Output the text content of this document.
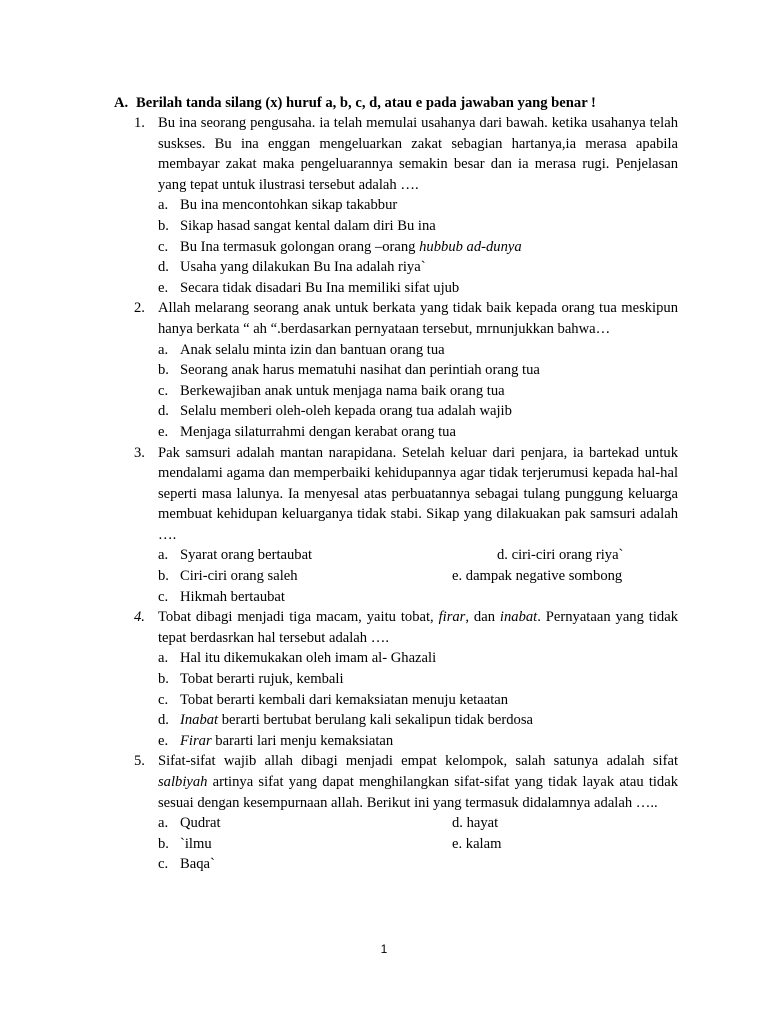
A. Berilah tanda silang (x) huruf a, b, c, d, atau e pada jawaban yang benar !
1. Bu ina seorang pengusaha. ia telah memulai usahanya dari bawah. ketika usahanya telah suskses. Bu ina enggan mengeluarkan zakat sebagian hartanya,ia merasa apabila membayar zakat maka pengeluarannya semakin besar dan ia merasa rugi. Penjelasan yang tepat untuk ilustrasi tersebut adalah ….
a. Bu ina mencontohkan sikap takabbur
b. Sikap hasad sangat kental dalam diri Bu ina
c. Bu Ina termasuk golongan orang –orang hubbub ad-dunya
d. Usaha yang dilakukan Bu Ina adalah riya`
e. Secara tidak disadari Bu Ina memiliki sifat ujub
2. Allah melarang seorang anak untuk berkata yang tidak baik kepada orang tua meskipun hanya berkata “ ah “.berdasarkan pernyataan tersebut, mrnunjukkan bahwa…
a. Anak selalu minta izin dan bantuan orang tua
b. Seorang anak harus mematuhi nasihat dan perintiah orang tua
c. Berkewajiban anak untuk menjaga nama baik orang tua
d. Selalu memberi oleh-oleh kepada orang tua adalah wajib
e. Menjaga silaturrahmi dengan kerabat orang tua
3. Pak samsuri adalah mantan narapidana. Setelah keluar dari penjara, ia bartekad untuk mendalami agama dan memperbaiki kehidupannya agar tidak terjerumusi kepada hal-hal seperti masa lalunya. Ia menyesal atas perbuatannya sebagai tulang punggung keluarga membuat kehidupan keluarganya tidak stabi. Sikap yang dilakuakan pak samsuri adalah ….
a. Syarat orang bertaubat	d. ciri-ciri orang riya`
b. Ciri-ciri orang saleh	e. dampak negative sombong
c. Hikmah bertaubat
4. Tobat dibagi menjadi tiga macam, yaitu tobat, firar, dan inabat. Pernyataan yang tidak tepat berdasrkan hal tersebut adalah ….
a. Hal itu dikemukakan oleh imam al- Ghazali
b. Tobat berarti rujuk, kembali
c. Tobat berarti kembali dari kemaksiatan menuju ketaatan
d. Inabat berarti bertubat berulang kali sekalipun tidak berdosa
e. Firar bararti lari menju kemaksiatan
5. Sifat-sifat wajib allah dibagi menjadi empat kelompok, salah satunya adalah sifat salbiyah artinya sifat yang dapat menghilangkan sifat-sifat yang tidak layak atau tidak sesuai dengan kesempurnaan allah. Berikut ini yang termasuk didalamnya adalah …..
a. Qudrat	d. hayat
b. `ilmu	e. kalam
c. Baqa`
1
